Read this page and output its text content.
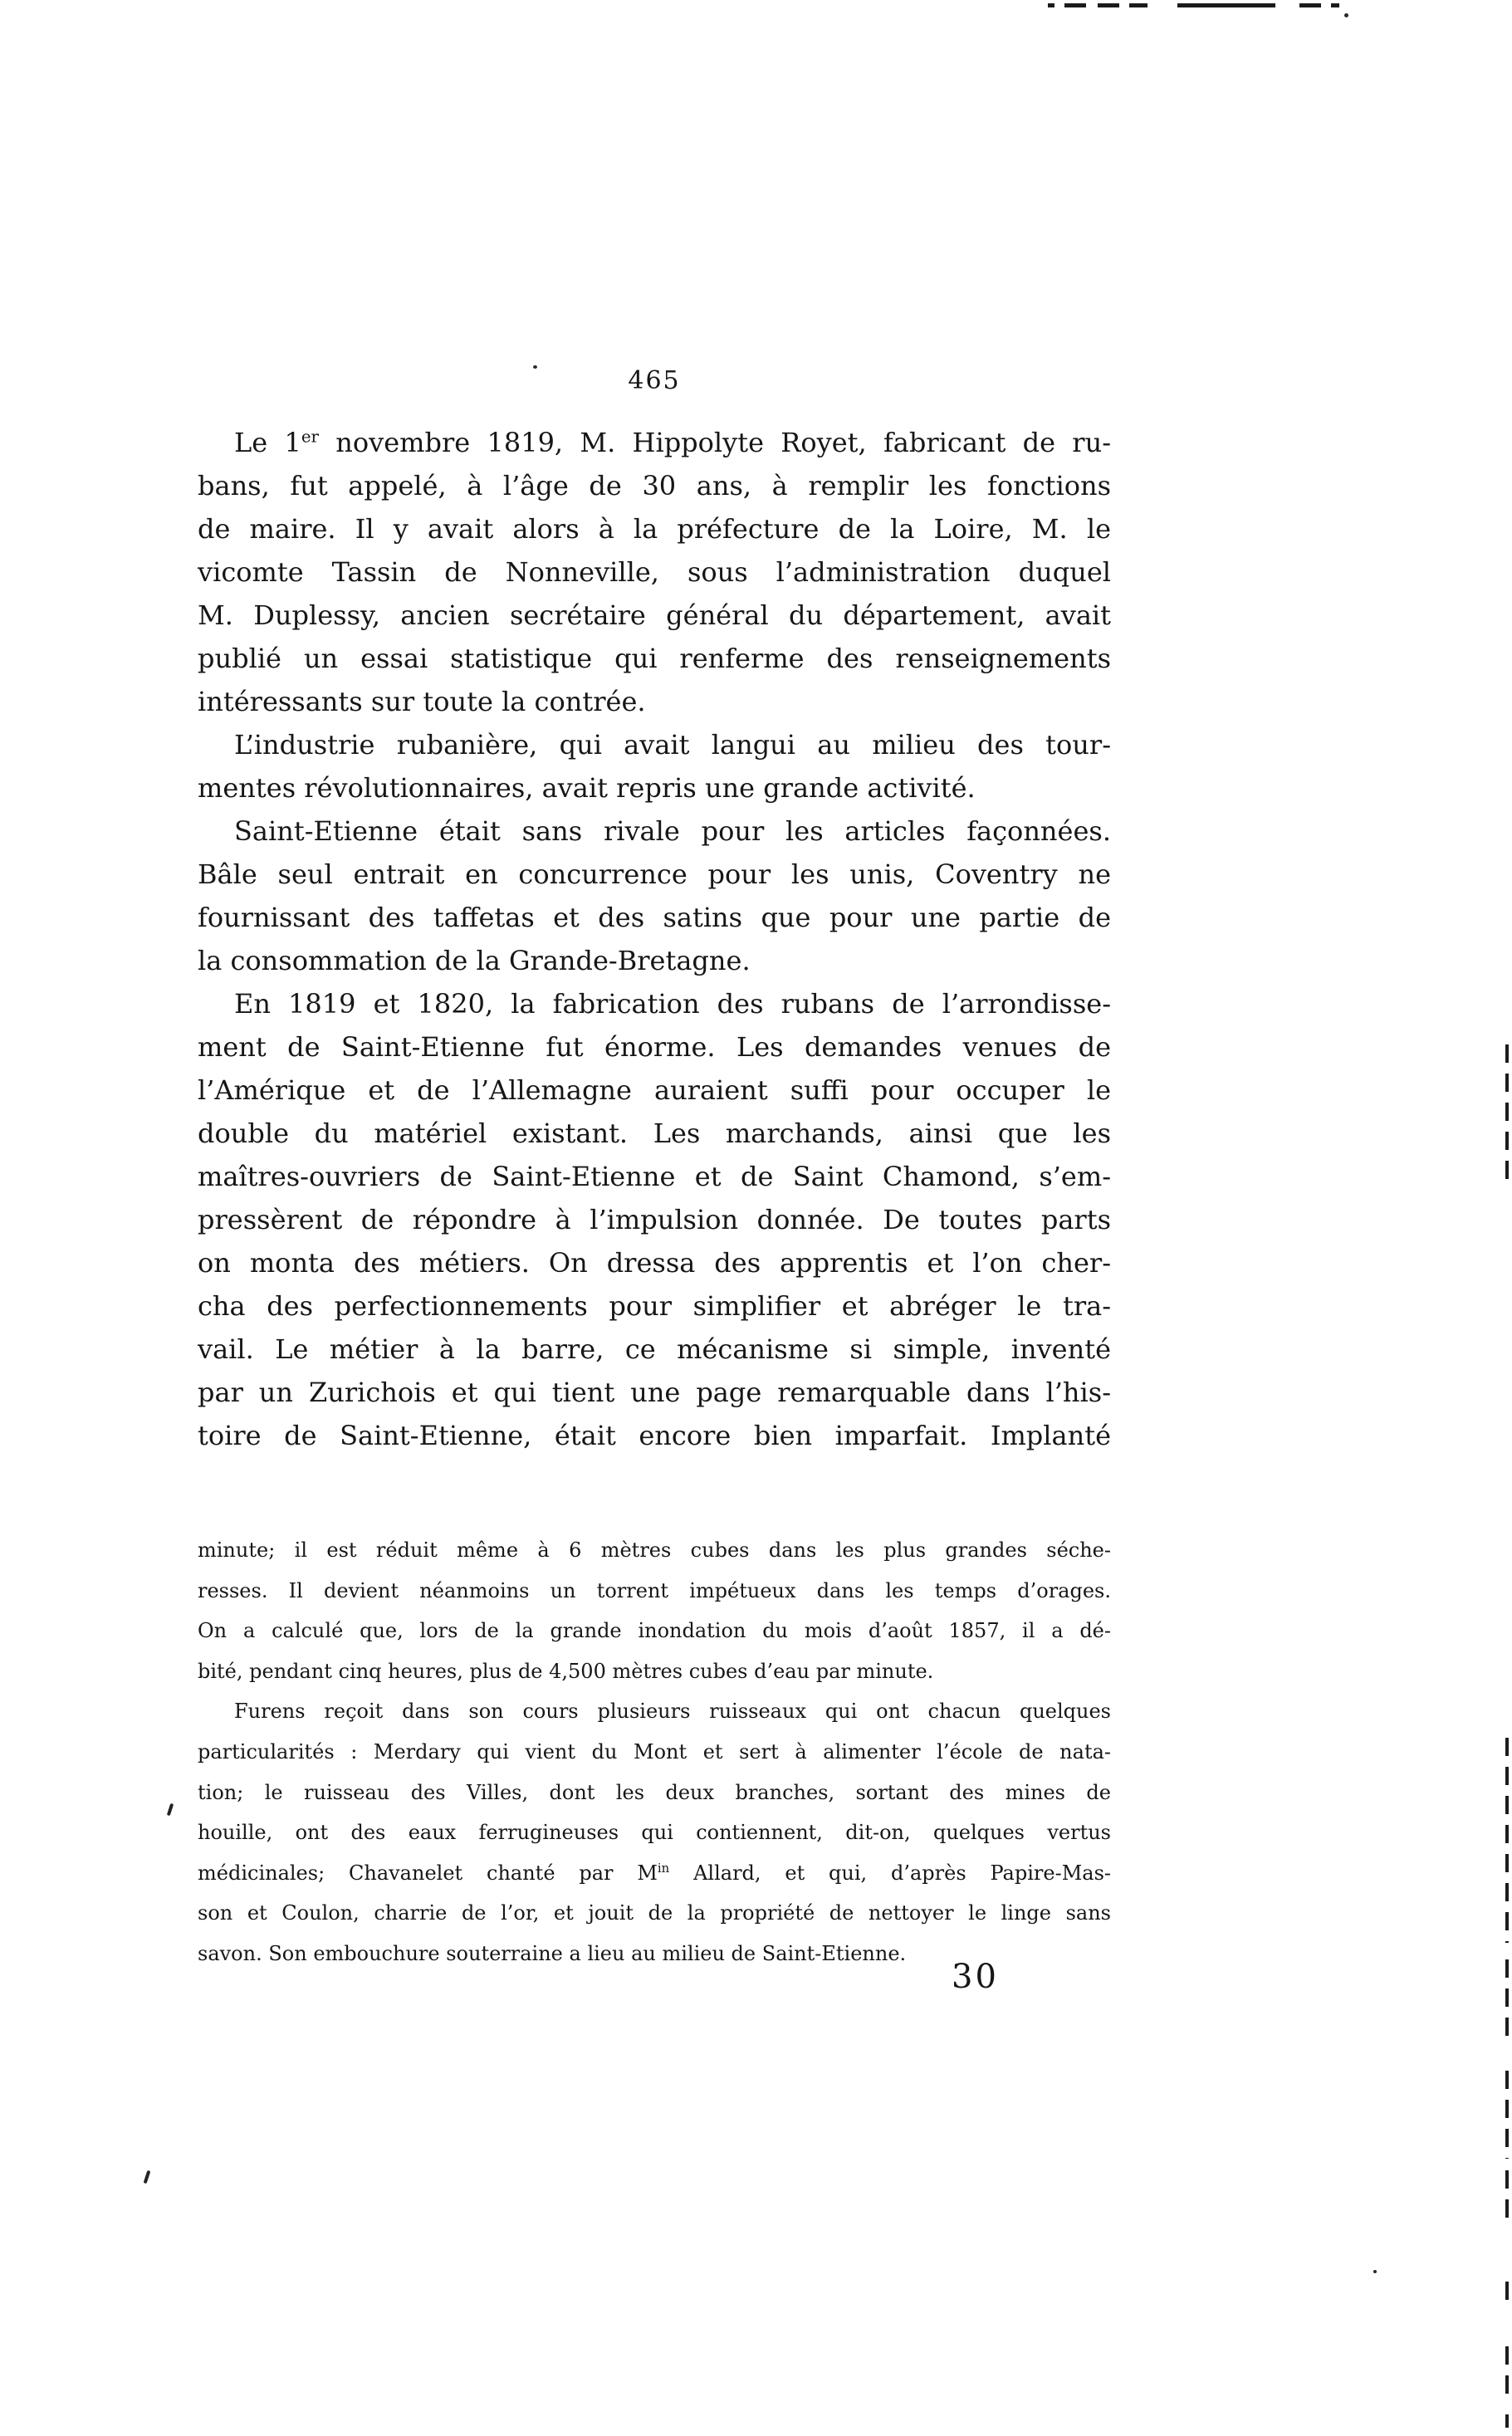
465
Le 1er novembre 1819, M. Hippolyte Royet, fabricant de ru-
bans, fut appelé, à l’âge de 30 ans, à remplir les fonctions
de maire. Il y avait alors à la préfecture de la Loire, M. le
vicomte Tassin de Nonneville, sous l’administration duquel
M. Duplessy, ancien secrétaire général du département, avait
publié un essai statistique qui renferme des renseignements
intéressants sur toute la contrée.
L’industrie rubanière, qui avait langui au milieu des tour-
mentes révolutionnaires, avait repris une grande activité.
Saint-Etienne était sans rivale pour les articles façonnées.
Bâle seul entrait en concurrence pour les unis, Coventry ne
fournissant des taffetas et des satins que pour une partie de
la consommation de la Grande-Bretagne.
En 1819 et 1820, la fabrication des rubans de l’arrondisse-
ment de Saint-Etienne fut énorme. Les demandes venues de
l’Amérique et de l’Allemagne auraient suffi pour occuper le
double du matériel existant. Les marchands, ainsi que les
maîtres-ouvriers de Saint-Etienne et de Saint Chamond, s’em-
pressèrent de répondre à l’impulsion donnée. De toutes parts
on monta des métiers. On dressa des apprentis et l’on cher-
cha des perfectionnements pour simplifier et abréger le tra-
vail. Le métier à la barre, ce mécanisme si simple, inventé
par un Zurichois et qui tient une page remarquable dans l’his-
toire de Saint-Etienne, était encore bien imparfait. Implanté
minute; il est réduit même à 6 mètres cubes dans les plus grandes séche-
resses. Il devient néanmoins un torrent impétueux dans les temps d’orages.
On a calculé que, lors de la grande inondation du mois d’août 1857, il a dé-
bité, pendant cinq heures, plus de 4,500 mètres cubes d’eau par minute.
Furens reçoit dans son cours plusieurs ruisseaux qui ont chacun quelques
particularités : Merdary qui vient du Mont et sert à alimenter l’école de nata-
tion; le ruisseau des Villes, dont les deux branches, sortant des mines de
houille, ont des eaux ferrugineuses qui contiennent, dit-on, quelques vertus
médicinales; Chavanelet chanté par $M^{in}$ Allard, et qui, d’après Papire-Mas-
son et Coulon, charrie de l’or, et jouit de la propriété de nettoyer le linge sans
savon. Son embouchure souterraine a lieu au milieu de Saint-Etienne.
30
